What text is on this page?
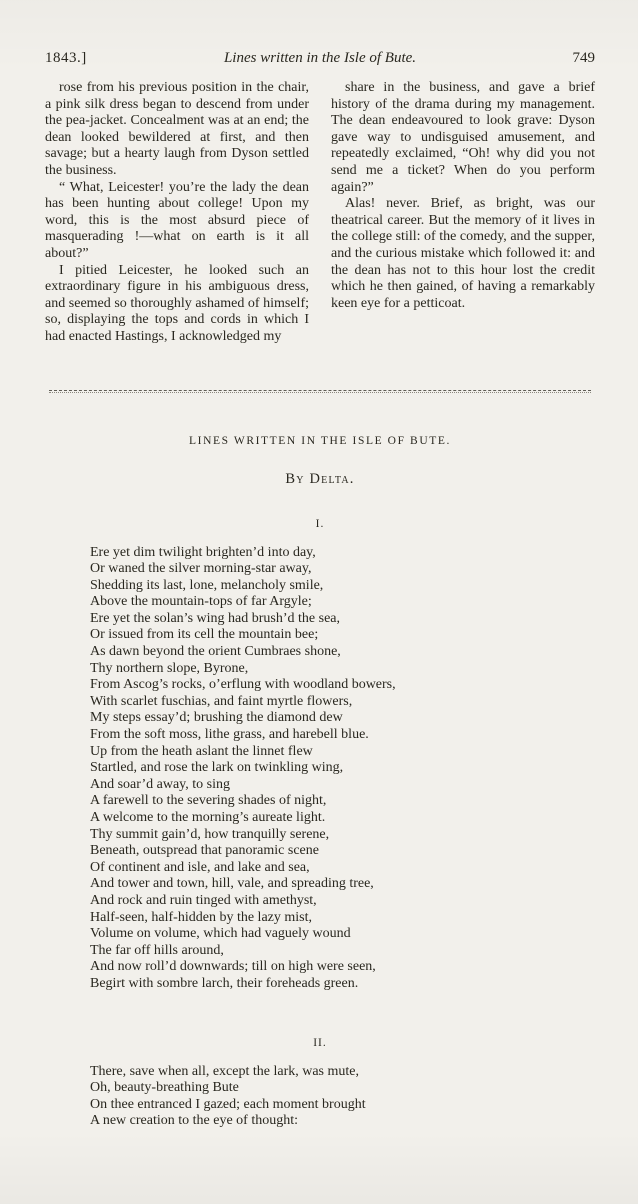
1843.]	Lines written in the Isle of Bute.	749

rose from his previous position in the chair, a pink silk dress began to descend from under the pea-jacket. Concealment was at an end; the dean looked bewildered at first, and then savage; but a hearty laugh from Dyson settled the business.

“ What, Leicester! you’re the lady the dean has been hunting about college! Upon my word, this is the most absurd piece of masquerading !—what on earth is it all about?”

I pitied Leicester, he looked such an extraordinary figure in his ambiguous dress, and seemed so thoroughly ashamed of himself; so, displaying the tops and cords in which I had enacted Hastings, I acknowledged my

share in the business, and gave a brief history of the drama during my management. The dean endeavoured to look grave: Dyson gave way to undisguised amusement, and repeatedly exclaimed, “Oh! why did you not send me a ticket? When do you perform again?”

Alas! never. Brief, as bright, was our theatrical career. But the memory of it lives in the college still: of the comedy, and the supper, and the curious mistake which followed it: and the dean has not to this hour lost the credit which he then gained, of having a remarkably keen eye for a petticoat.

LINES WRITTEN IN THE ISLE OF BUTE.
By Delta.
I.
Ere yet dim twilight brighten’d into day,
Or waned the silver morning-star away,
Shedding its last, lone, melancholy smile,
Above the mountain-tops of far Argyle;
Ere yet the solan’s wing had brush’d the sea,
Or issued from its cell the mountain bee;
As dawn beyond the orient Cumbraes shone,
Thy northern slope, Byrone,
From Ascog’s rocks, o’erflung with woodland bowers,
With scarlet fuschias, and faint myrtle flowers,
My steps essay’d; brushing the diamond dew
From the soft moss, lithe grass, and harebell blue.
Up from the heath aslant the linnet flew
Startled, and rose the lark on twinkling wing,
And soar’d away, to sing
A farewell to the severing shades of night,
A welcome to the morning’s aureate light.
Thy summit gain’d, how tranquilly serene,
Beneath, outspread that panoramic scene
Of continent and isle, and lake and sea,
And tower and town, hill, vale, and spreading tree,
And rock and ruin tinged with amethyst,
Half-seen, half-hidden by the lazy mist,
Volume on volume, which had vaguely wound
The far off hills around,
And now roll’d downwards; till on high were seen,
Begirt with sombre larch, their foreheads green.
II.
There, save when all, except the lark, was mute,
Oh, beauty-breathing Bute
On thee entranced I gazed; each moment brought
A new creation to the eye of thought:
